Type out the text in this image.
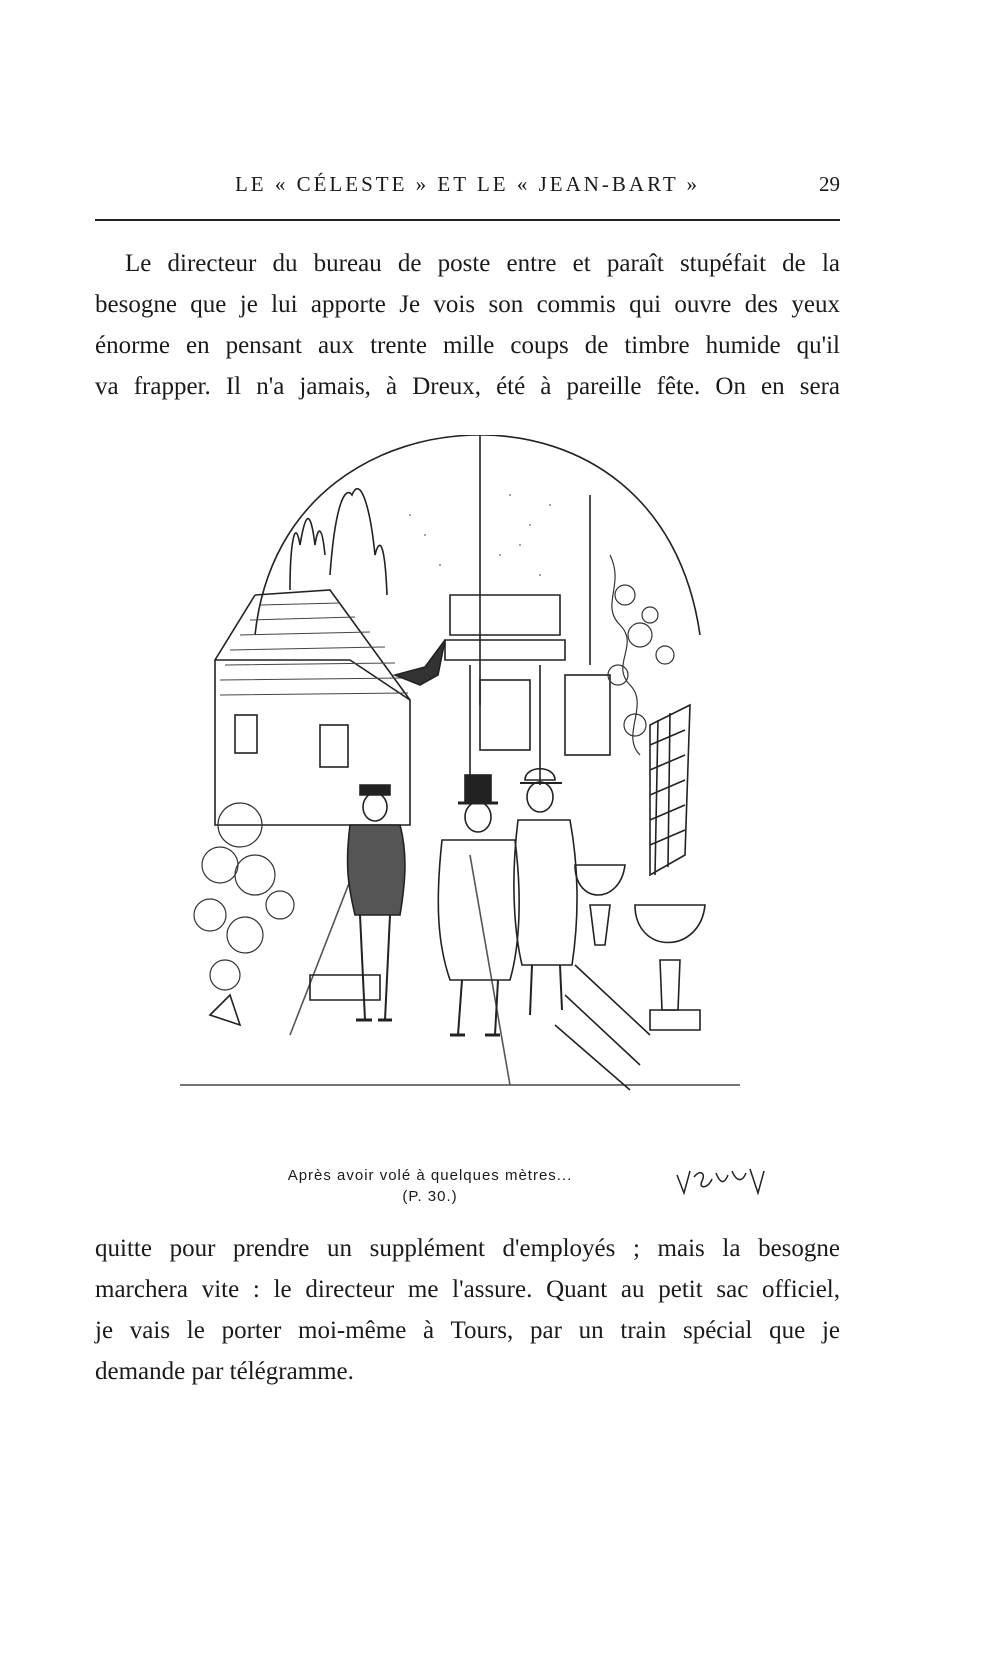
LE « CÉLESTE » ET LE « JEAN-BART »	29
Le directeur du bureau de poste entre et paraît stupéfait de la
besogne que je lui apporte Je vois son commis qui ouvre des yeux
énorme en pensant aux trente mille coups de timbre humide qu'il
va frapper. Il n'a jamais, à Dreux, été à pareille fête. On en sera
Après avoir volé à quelques mètres...
(P. 30.)
quitte pour prendre un supplément d'employés ; mais la besogne
marchera vite : le directeur me l'assure. Quant au petit sac officiel,
je vais le porter moi-même à Tours, par un train spécial que je
demande par télégramme.
